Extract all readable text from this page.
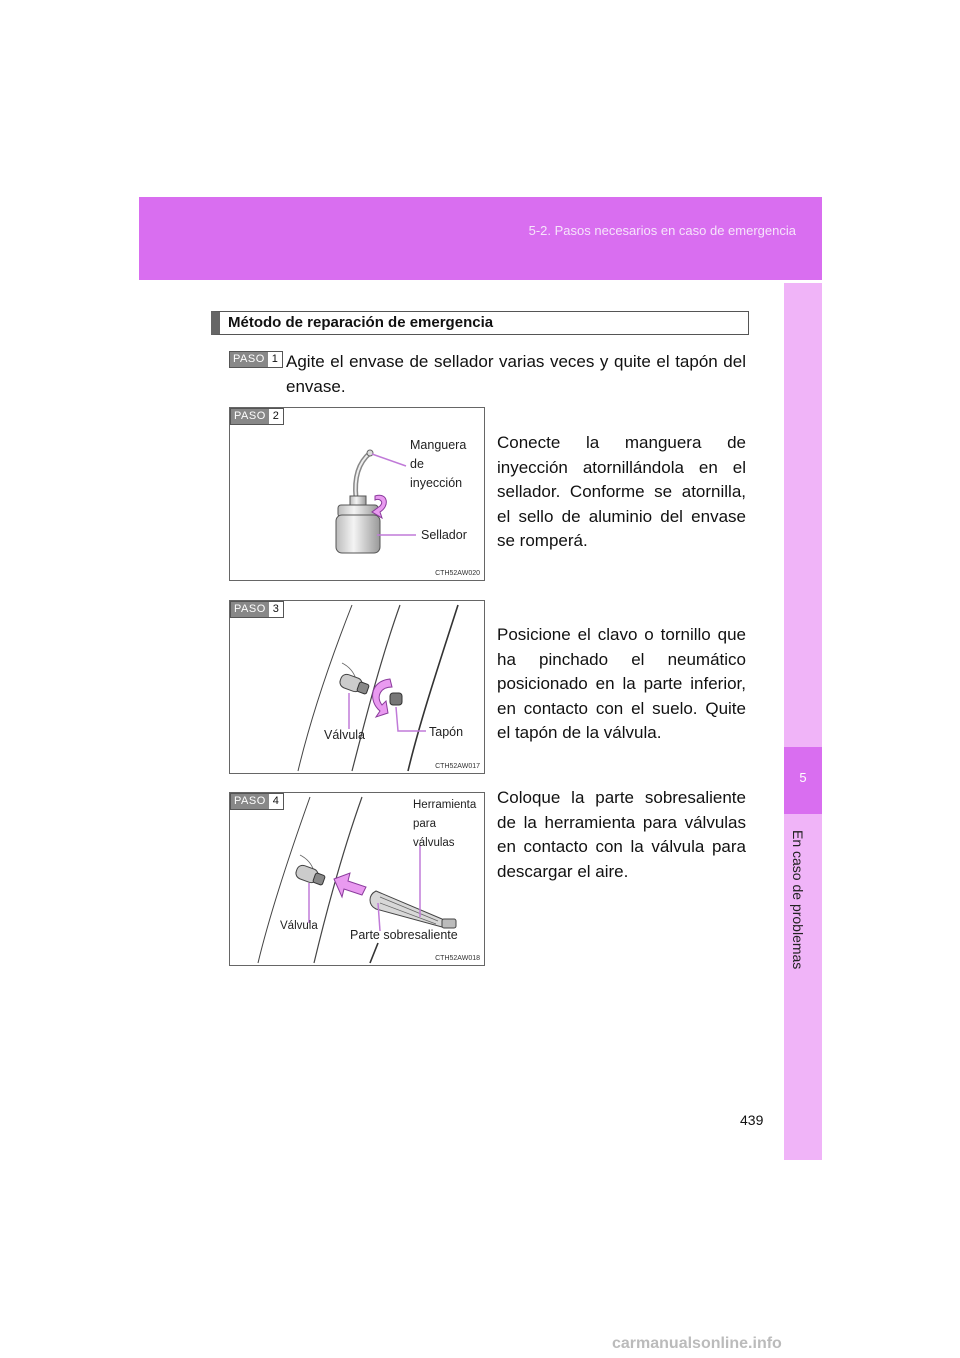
5-2. Pasos necesarios en caso de emergencia
5
En caso de problemas
Método de reparación de emergencia
PASO 1 Agite el envase de sellador varias veces y quite el tapón del envase.
PASO 2
Manguera
de
inyección
Sellador
CTH52AW020
Conecte la manguera de inyección atornillándola en el sellador. Conforme se atornilla, el sello de aluminio del envase se romperá.
PASO 3
Válvula	Tapón
CTH52AW017
Posicione el clavo o tornillo que ha pinchado el neumático posicionado en la parte inferior, en contacto con el suelo. Quite el tapón de la válvula.
PASO 4	Herramienta
para
válvulas
Válvula
Parte sobresaliente
CTH52AW018
Coloque la parte sobresaliente de la herramienta para válvulas en contacto con la válvula para descargar el aire.
439
carmanualsonline.info
